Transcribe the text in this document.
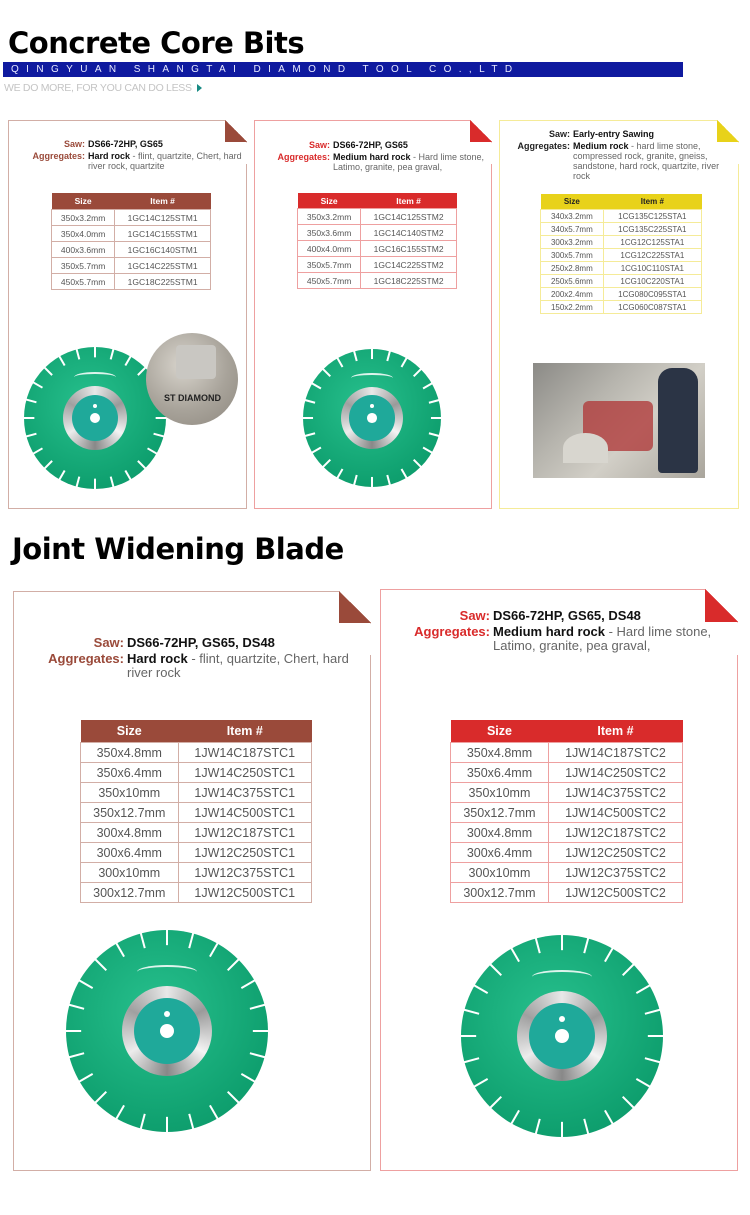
Concrete Core Bits
QINGYUAN SHANGTAI DIAMOND TOOL CO.,LTD
WE DO MORE, FOR YOU CAN DO LESS
Saw: DS66-72HP, GS65
Aggregates: Hard rock - flint, quartzite, Chert, hard river rock, quartzite
Size	Item #
350x3.2mm	1GC14C125STM1
350x4.0mm	1GC14C155STM1
400x3.6mm	1GC16C140STM1
350x5.7mm	1GC14C225STM1
450x5.7mm	1GC18C225STM1
ST DIAMOND
Saw: DS66-72HP, GS65
Aggregates: Medium hard rock - Hard lime stone, Latimo, granite, pea graval,
Size	Item #
350x3.2mm	1GC14C125STM2
350x3.6mm	1GC14C140STM2
400x4.0mm	1GC16C155STM2
350x5.7mm	1GC14C225STM2
450x5.7mm	1GC18C225STM2
Saw: Early-entry Sawing
Aggregates: Medium rock - hard lime stone, compressed rock, granite, gneiss, sandstone, hard rock, quartzite, river rock
Size	Item #
340x3.2mm	1CG135C125STA1
340x5.7mm	1CG135C225STA1
300x3.2mm	1CG12C125STA1
300x5.7mm	1CG12C225STA1
250x2.8mm	1CG10C110STA1
250x5.6mm	1CG10C220STA1
200x2.4mm	1CG080C095STA1
150x2.2mm	1CG060C087STA1
Joint Widening Blade
Saw: DS66-72HP, GS65, DS48
Aggregates: Hard rock - flint, quartzite, Chert, hard river rock
Size	Item #
350x4.8mm	1JW14C187STC1
350x6.4mm	1JW14C250STC1
350x10mm	1JW14C375STC1
350x12.7mm	1JW14C500STC1
300x4.8mm	1JW12C187STC1
300x6.4mm	1JW12C250STC1
300x10mm	1JW12C375STC1
300x12.7mm	1JW12C500STC1
Saw: DS66-72HP, GS65, DS48
Aggregates: Medium hard rock - Hard lime stone, Latimo, granite, pea graval,
Size	Item #
350x4.8mm	1JW14C187STC2
350x6.4mm	1JW14C250STC2
350x10mm	1JW14C375STC2
350x12.7mm	1JW14C500STC2
300x4.8mm	1JW12C187STC2
300x6.4mm	1JW12C250STC2
300x10mm	1JW12C375STC2
300x12.7mm	1JW12C500STC2
